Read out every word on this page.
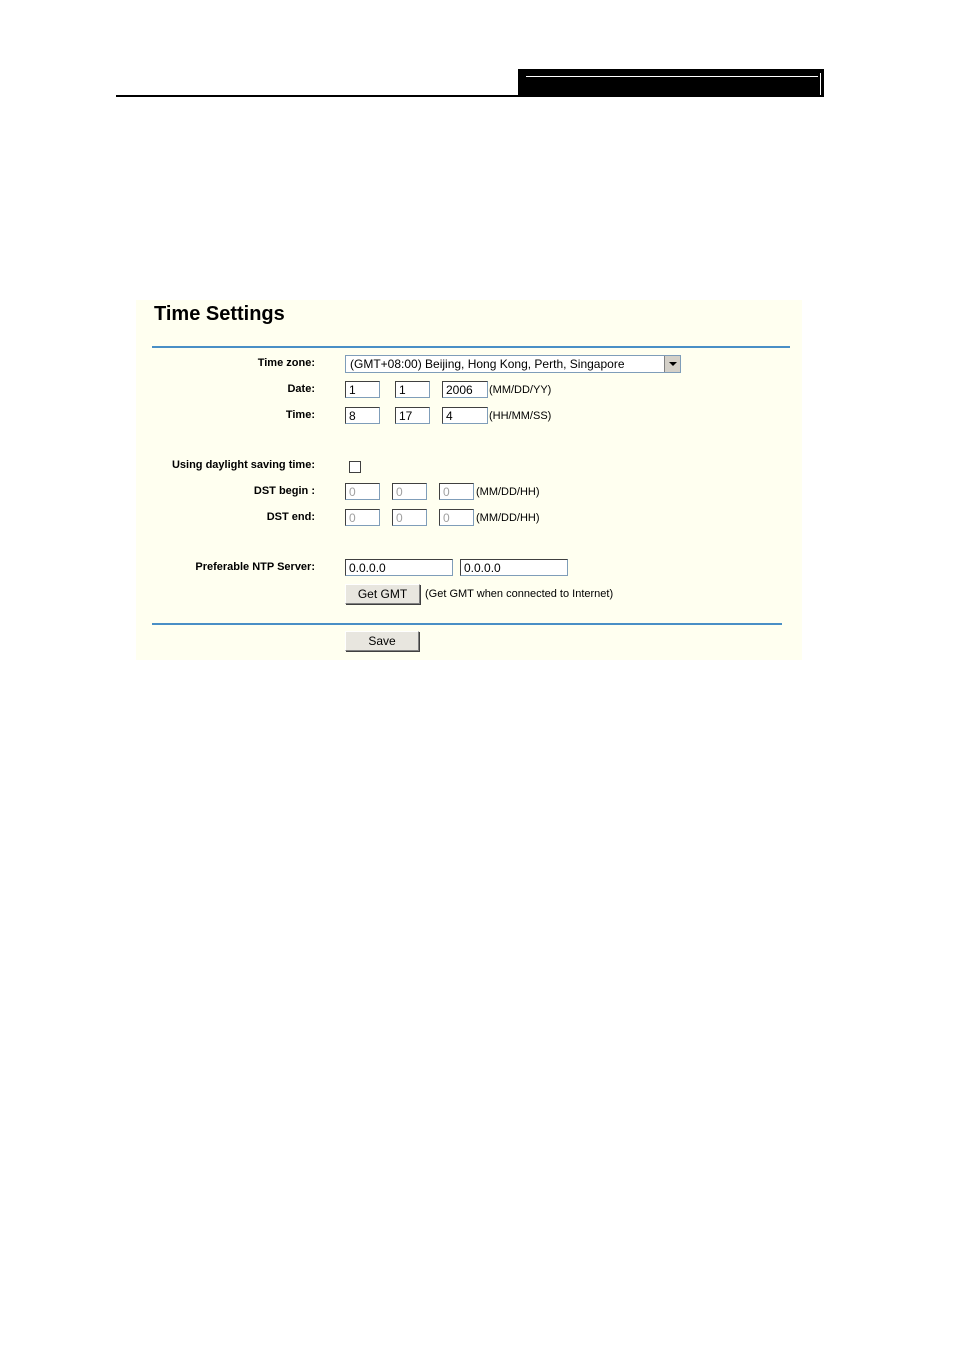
Time Settings
Time zone:	(GMT+08:00) Beijing, Hong Kong, Perth, Singapore
Date:	1	1	2006	(MM/DD/YY)
Time:	8	17	4	(HH/MM/SS)
Using daylight saving time:
DST begin :	0	0	0	(MM/DD/HH)
DST end:	0	0	0	(MM/DD/HH)
Preferable NTP Server:	0.0.0.0	0.0.0.0
Get GMT	(Get GMT when connected to Internet)
Save
